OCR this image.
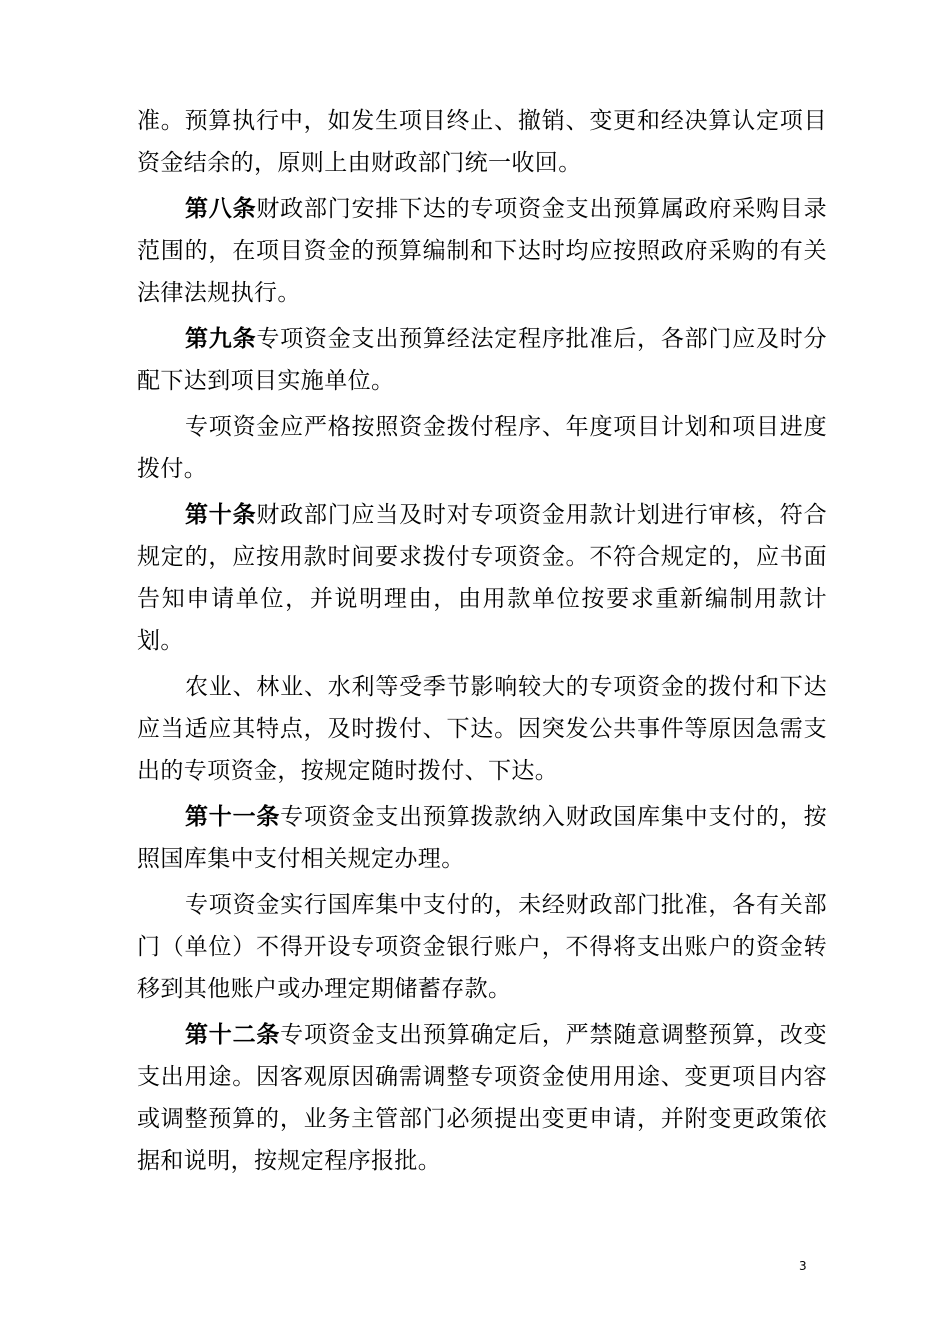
准。预算执行中，如发生项目终止、撤销、变更和经决算认定项目资金结余的，原则上由财政部门统一收回。

第八条财政部门安排下达的专项资金支出预算属政府采购目录范围的，在项目资金的预算编制和下达时均应按照政府采购的有关法律法规执行。

第九条专项资金支出预算经法定程序批准后，各部门应及时分配下达到项目实施单位。

专项资金应严格按照资金拨付程序、年度项目计划和项目进度拨付。

第十条财政部门应当及时对专项资金用款计划进行审核，符合规定的，应按用款时间要求拨付专项资金。不符合规定的，应书面告知申请单位，并说明理由，由用款单位按要求重新编制用款计划。

农业、林业、水利等受季节影响较大的专项资金的拨付和下达应当适应其特点，及时拨付、下达。因突发公共事件等原因急需支出的专项资金，按规定随时拨付、下达。

第十一条专项资金支出预算拨款纳入财政国库集中支付的，按照国库集中支付相关规定办理。

专项资金实行国库集中支付的，未经财政部门批准，各有关部门（单位）不得开设专项资金银行账户，不得将支出账户的资金转移到其他账户或办理定期储蓄存款。

第十二条专项资金支出预算确定后，严禁随意调整预算，改变支出用途。因客观原因确需调整专项资金使用用途、变更项目内容或调整预算的，业务主管部门必须提出变更申请，并附变更政策依据和说明，按规定程序报批。

3
